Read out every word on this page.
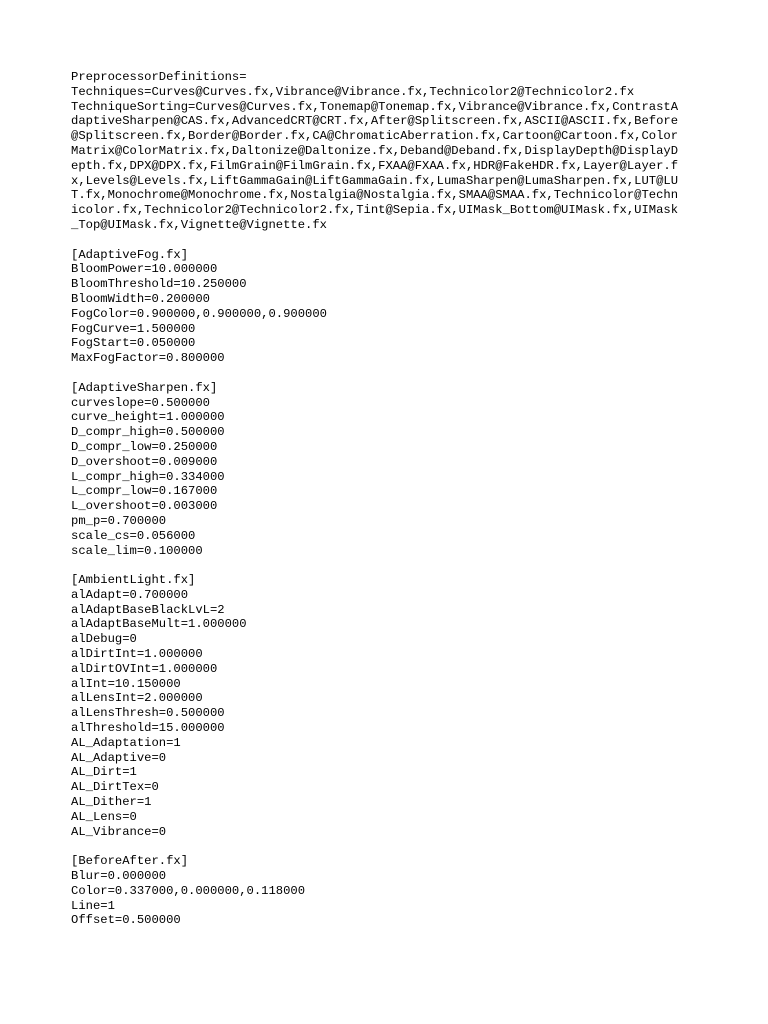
PreprocessorDefinitions=
Techniques=Curves@Curves.fx,Vibrance@Vibrance.fx,Technicolor2@Technicolor2.fx
TechniqueSorting=Curves@Curves.fx,Tonemap@Tonemap.fx,Vibrance@Vibrance.fx,ContrastA
daptiveSharpen@CAS.fx,AdvancedCRT@CRT.fx,After@Splitscreen.fx,ASCII@ASCII.fx,Before
@Splitscreen.fx,Border@Border.fx,CA@ChromaticAberration.fx,Cartoon@Cartoon.fx,Color
Matrix@ColorMatrix.fx,Daltonize@Daltonize.fx,Deband@Deband.fx,DisplayDepth@DisplayD
epth.fx,DPX@DPX.fx,FilmGrain@FilmGrain.fx,FXAA@FXAA.fx,HDR@FakeHDR.fx,Layer@Layer.f
x,Levels@Levels.fx,LiftGammaGain@LiftGammaGain.fx,LumaSharpen@LumaSharpen.fx,LUT@LU
T.fx,Monochrome@Monochrome.fx,Nostalgia@Nostalgia.fx,SMAA@SMAA.fx,Technicolor@Techn
icolor.fx,Technicolor2@Technicolor2.fx,Tint@Sepia.fx,UIMask_Bottom@UIMask.fx,UIMask
_Top@UIMask.fx,Vignette@Vignette.fx
[AdaptiveFog.fx]
BloomPower=10.000000
BloomThreshold=10.250000
BloomWidth=0.200000
FogColor=0.900000,0.900000,0.900000
FogCurve=1.500000
FogStart=0.050000
MaxFogFactor=0.800000
[AdaptiveSharpen.fx]
curveslope=0.500000
curve_height=1.000000
D_compr_high=0.500000
D_compr_low=0.250000
D_overshoot=0.009000
L_compr_high=0.334000
L_compr_low=0.167000
L_overshoot=0.003000
pm_p=0.700000
scale_cs=0.056000
scale_lim=0.100000
[AmbientLight.fx]
alAdapt=0.700000
alAdaptBaseBlackLvL=2
alAdaptBaseMult=1.000000
alDebug=0
alDirtInt=1.000000
alDirtOVInt=1.000000
alInt=10.150000
alLensInt=2.000000
alLensThresh=0.500000
alThreshold=15.000000
AL_Adaptation=1
AL_Adaptive=0
AL_Dirt=1
AL_DirtTex=0
AL_Dither=1
AL_Lens=0
AL_Vibrance=0
[BeforeAfter.fx]
Blur=0.000000
Color=0.337000,0.000000,0.118000
Line=1
Offset=0.500000
